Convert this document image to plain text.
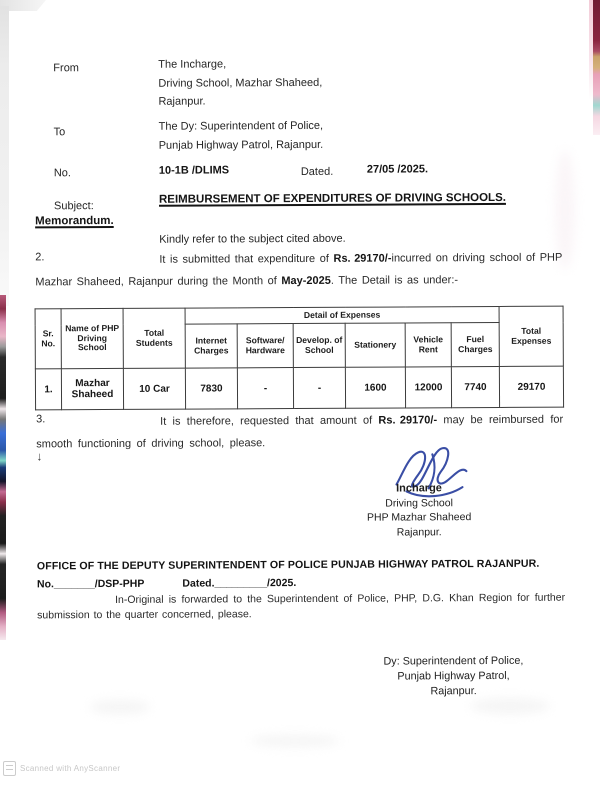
From	The Incharge,
Driving School, Mazhar Shaheed,
Rajanpur.
To	The Dy: Superintendent of Police,
Punjab Highway Patrol, Rajanpur.
No.	10-1B /DLIMS	Dated.	27/05 /2025.
Subject:
REIMBURSEMENT OF EXPENDITURES OF DRIVING SCHOOLS.
Memorandum.
Kindly refer to the subject cited above.
2.	It is submitted that expenditure of Rs. 29170/-incurred on driving school of PHP Mazhar Shaheed, Rajanpur during the Month of May-2025. The Detail is as under:-
Sr. No.	Name of PHP Driving School	Total Students	Detail of Expenses						Total Expenses
			Internet Charges	Software/ Hardware	Develop. of School	Stationery	Vehicle Rent	Fuel Charges	
1.	Mazhar Shaheed	10 Car	7830	-	-	1600	12000	7740	29170
3.	It is therefore, requested that amount of Rs. 29170/- may be reimbursed for smooth functioning of driving school, please.
↓
Incharge
Driving School
PHP Mazhar Shaheed
Rajanpur.
OFFICE OF THE DEPUTY SUPERINTENDENT OF POLICE PUNJAB HIGHWAY PATROL RAJANPUR.
No._______/DSP-PHP	Dated._________/2025.
In-Original is forwarded to the Superintendent of Police, PHP, D.G. Khan Region for further submission to the quarter concerned, please.
Dy: Superintendent of Police,
Punjab Highway Patrol,
Rajanpur.
Scanned with AnyScanner
